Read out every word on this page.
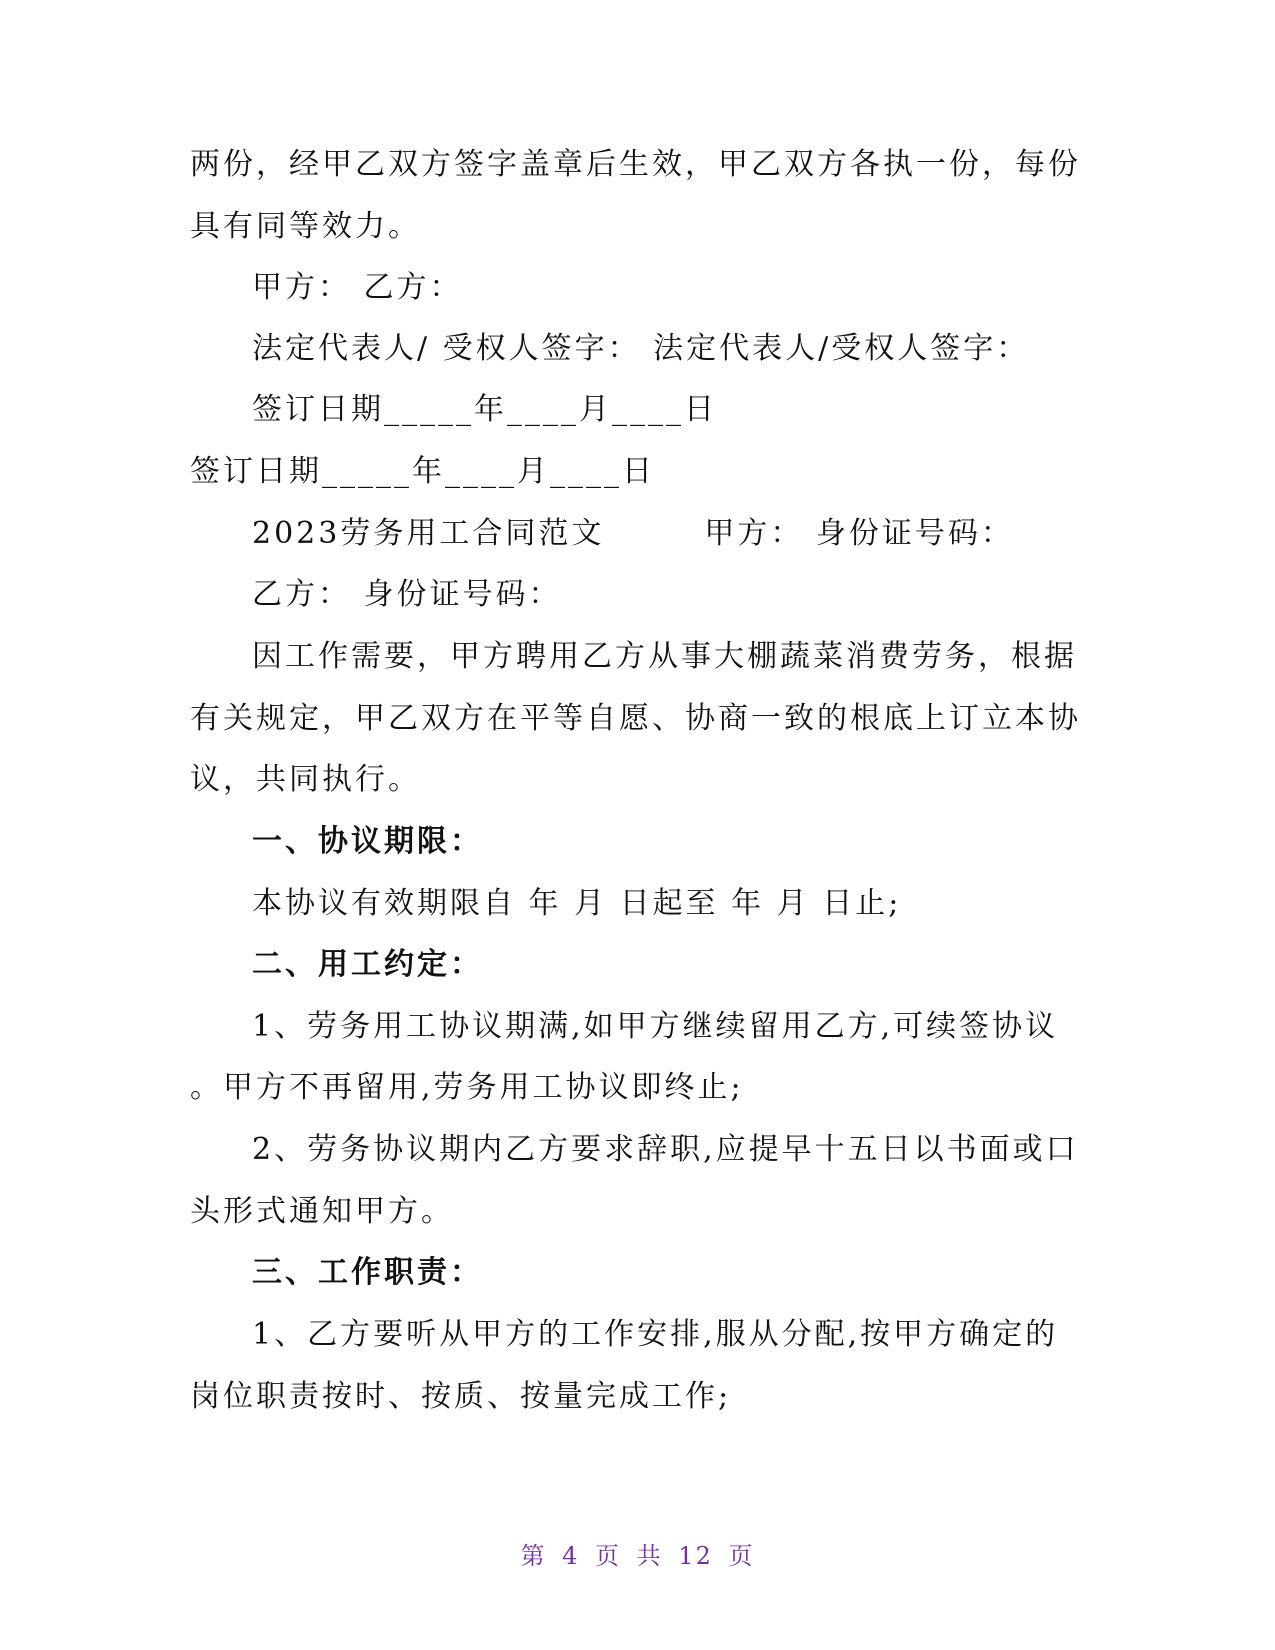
两份，经甲乙双方签字盖章后生效，甲乙双方各执一份，每份
具有同等效力。
甲方： 乙方：
法定代表人/ 受权人签字： 法定代表人/受权人签字：
签订日期_____年____月____日
签订日期_____年____月____日
2023劳务用工合同范文	甲方： 身份证号码：
乙方： 身份证号码：
因工作需要，甲方聘用乙方从事大棚蔬菜消费劳务，根据
有关规定，甲乙双方在平等自愿、协商一致的根底上订立本协
议，共同执行。
一、协议期限：
本协议有效期限自 年 月 日起至 年 月 日止;
二、用工约定：
1、劳务用工协议期满,如甲方继续留用乙方,可续签协议
。甲方不再留用,劳务用工协议即终止;
2、劳务协议期内乙方要求辞职,应提早十五日以书面或口
头形式通知甲方。
三、工作职责：
1、乙方要听从甲方的工作安排,服从分配,按甲方确定的
岗位职责按时、按质、按量完成工作;
第 4 页 共 12 页
